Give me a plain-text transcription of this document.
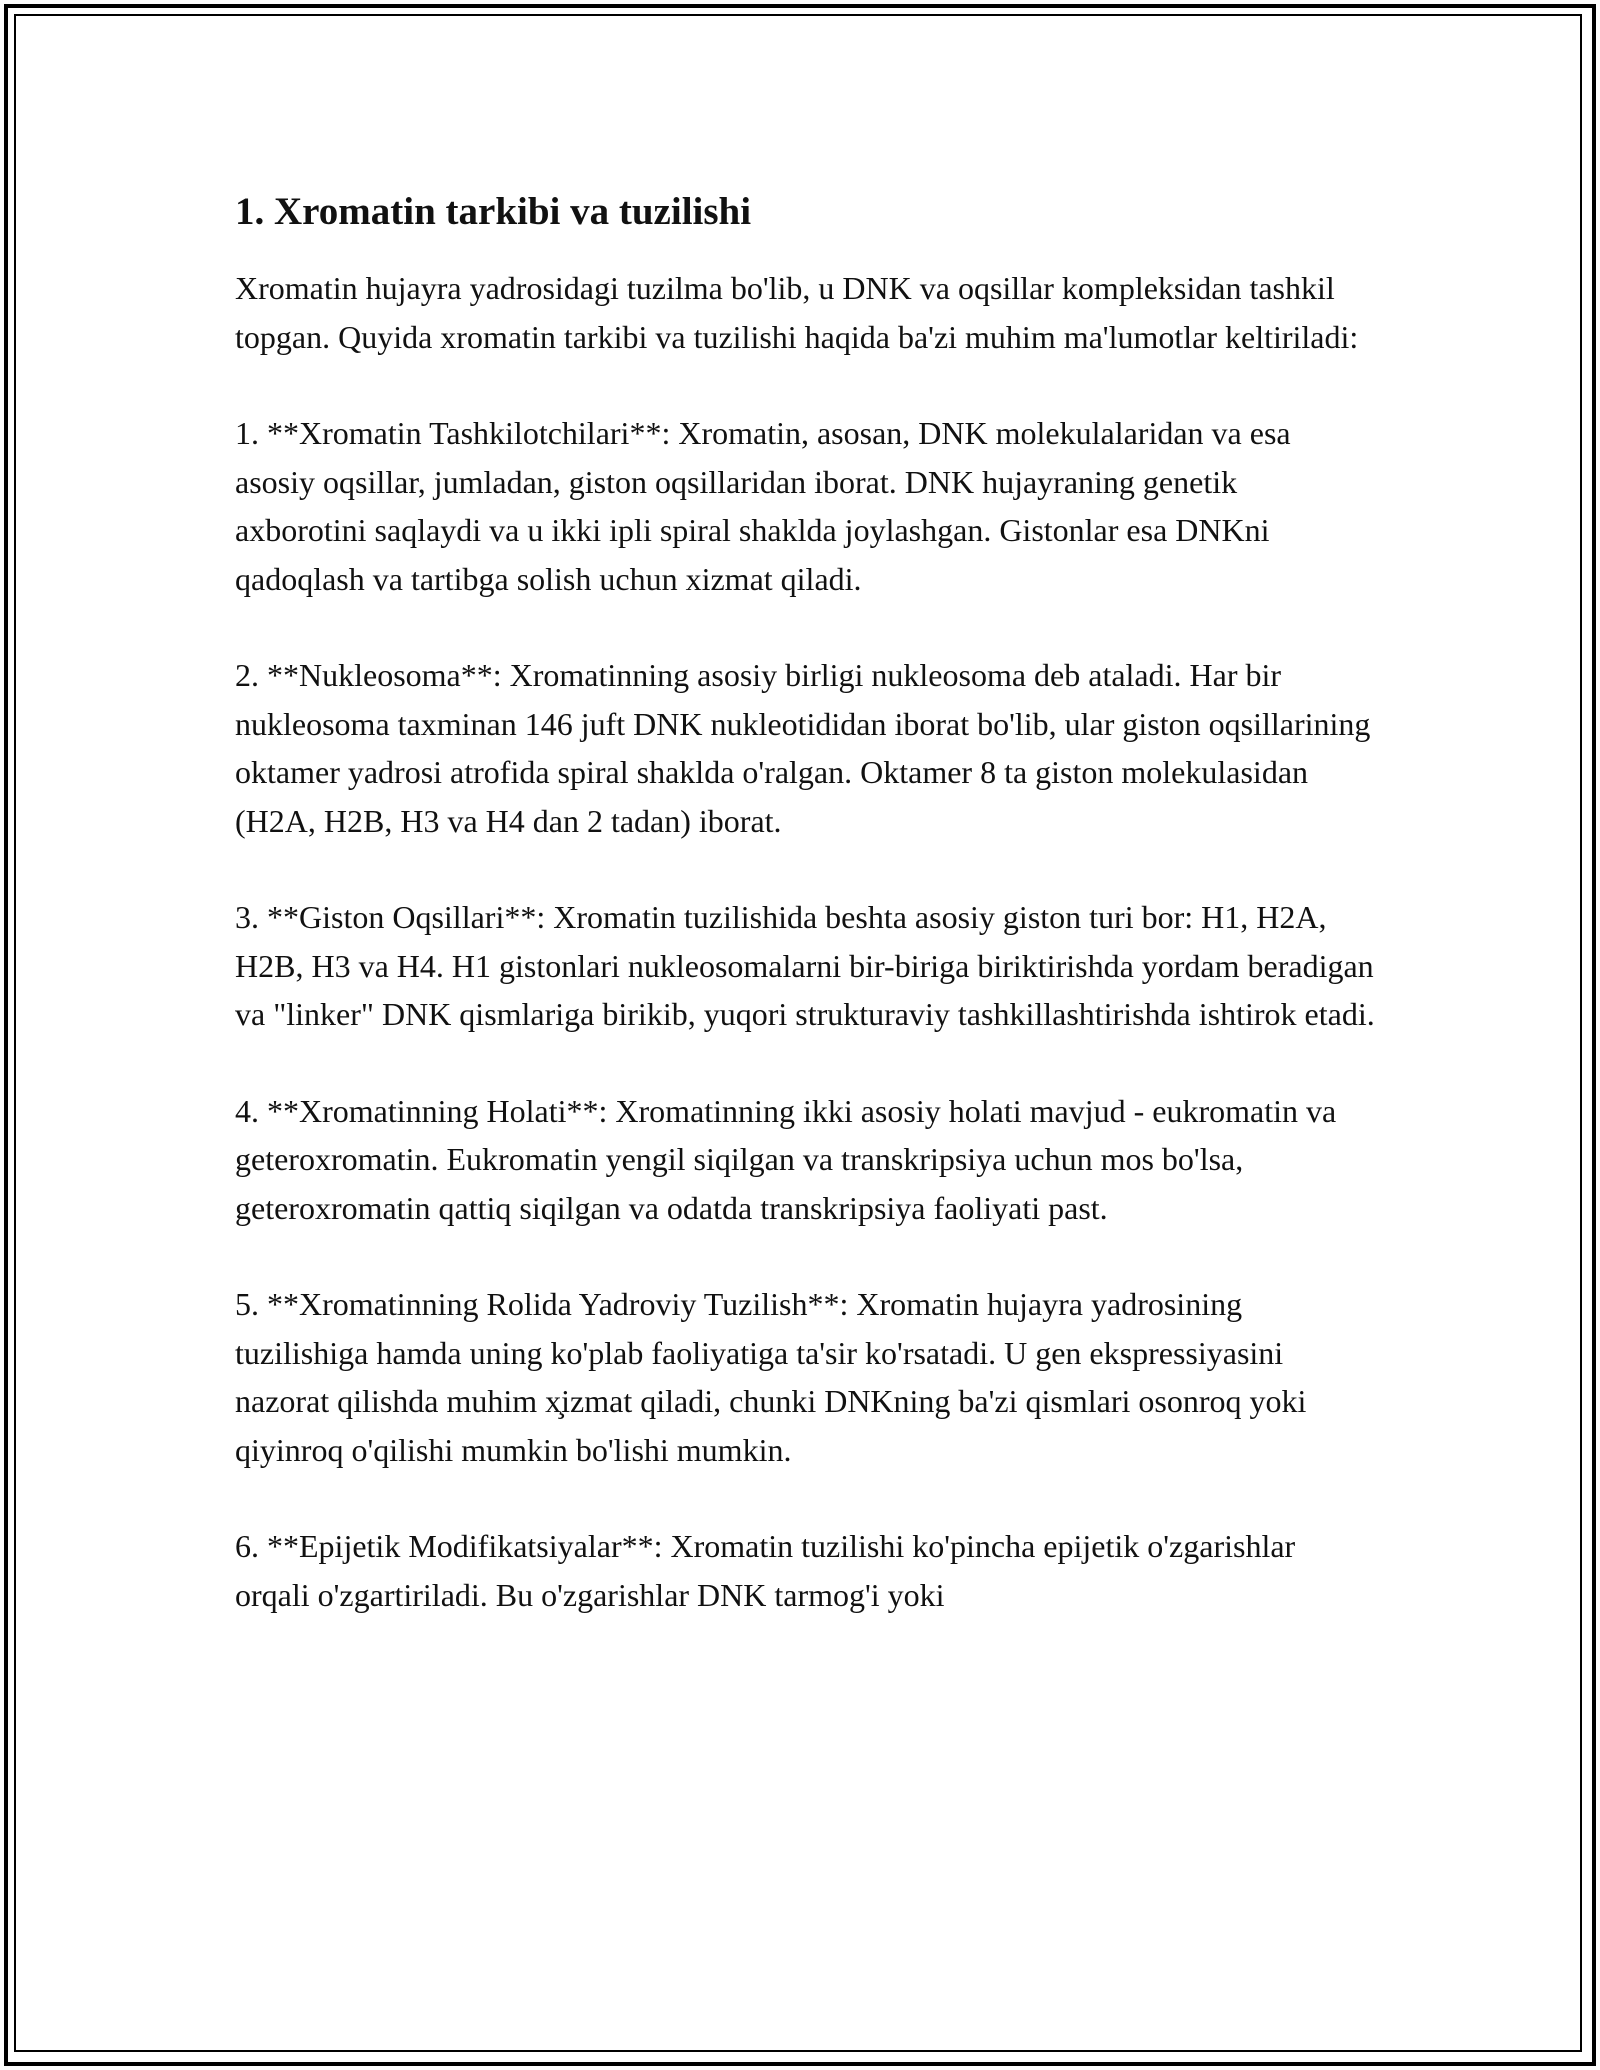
1. Xromatin tarkibi va tuzilishi

Xromatin hujayra yadrosidagi tuzilma bo'lib, u DNK va oqsillar kompleksidan tashkil topgan. Quyida xromatin tarkibi va tuzilishi haqida ba'zi muhim ma'lumotlar keltiriladi:

1. **Xromatin Tashkilotchilari**: Xromatin, asosan, DNK molekulalaridan va esa asosiy oqsillar, jumladan, giston oqsillaridan iborat. DNK hujayraning genetik axborotini saqlaydi va u ikki ipli spiral shaklda joylashgan. Gistonlar esa DNKni qadoqlash va tartibga solish uchun xizmat qiladi.

2. **Nukleosoma**: Xromatinning asosiy birligi nukleosoma deb ataladi. Har bir nukleosoma taxminan 146 juft DNK nukleotididan iborat bo'lib, ular giston oqsillarining oktamer yadrosi atrofida spiral shaklda o'ralgan. Oktamer 8 ta giston molekulasidan (H2A, H2B, H3 va H4 dan 2 tadan) iborat.

3. **Giston Oqsillari**: Xromatin tuzilishida beshta asosiy giston turi bor: H1, H2A, H2B, H3 va H4. H1 gistonlari nukleosomalarni bir-biriga biriktirishda yordam beradigan va "linker" DNK qismlariga birikib, yuqori strukturaviy tashkillashtirishda ishtirok etadi.

4. **Xromatinning Holati**: Xromatinning ikki asosiy holati mavjud - eukromatin va geteroxromatin. Eukromatin yengil siqilgan va transkripsiya uchun mos bo'lsa, geteroxromatin qattiq siqilgan va odatda transkripsiya faoliyati past.

5. **Xromatinning Rolida Yadroviy Tuzilish**: Xromatin hujayra yadrosining tuzilishiga hamda uning ko'plab faoliyatiga ta'sir ko'rsatadi. U gen ekspressiyasini nazorat qilishda muhim x̧izmat qiladi, chunki DNKning ba'zi qismlari osonroq yoki qiyinroq o'qilishi mumkin bo'lishi mumkin.

6. **Epijetik Modifikatsiyalar**: Xromatin tuzilishi ko'pincha epijetik o'zgarishlar orqali o'zgartiriladi. Bu o'zgarishlar DNK tarmog'i yoki
